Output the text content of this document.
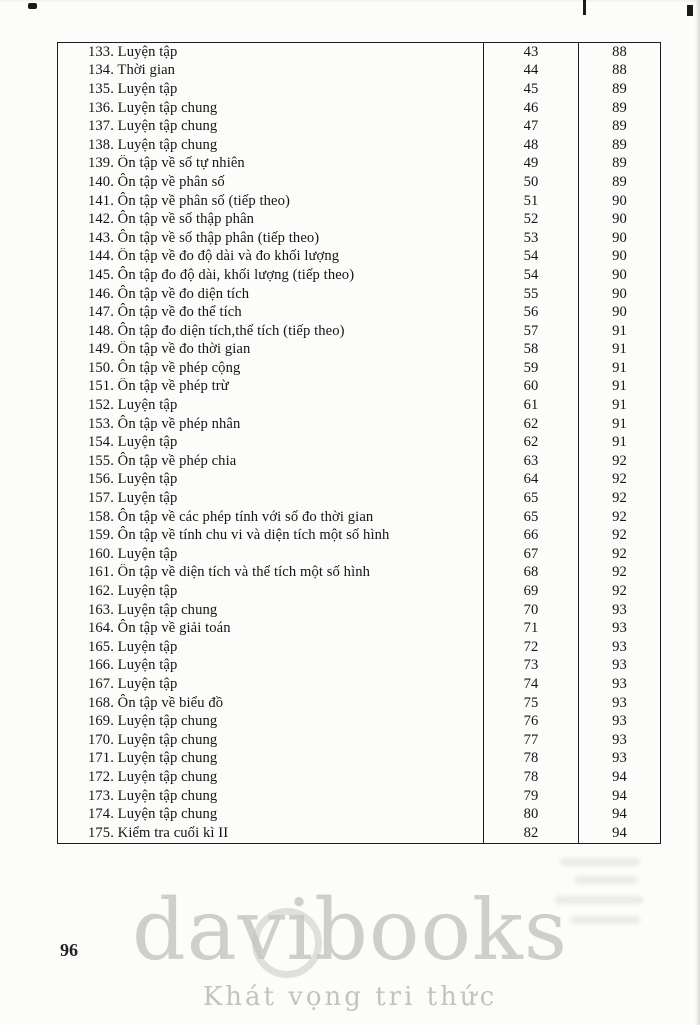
133. Luyện tập	43	88
134. Thời gian	44	88
135. Luyện tập	45	89
136. Luyện tập chung	46	89
137. Luyện tập chung	47	89
138. Luyện tập chung	48	89
139. Ôn tập về số tự nhiên	49	89
140. Ôn tập về phân số	50	89
141. Ôn tập về phân số (tiếp theo)	51	90
142. Ôn tập về số thập phân	52	90
143. Ôn tập về số thập phân (tiếp theo)	53	90
144. Ôn tập về đo độ dài và đo khối lượng	54	90
145. Ôn tập đo độ dài, khối lượng (tiếp theo)	54	90
146. Ôn tập về đo diện tích	55	90
147. Ôn tập về đo thể tích	56	90
148. Ôn tập đo diện tích,thể tích (tiếp theo)	57	91
149. Ôn tập về đo thời gian	58	91
150. Ôn tập về phép cộng	59	91
151. Ôn tập về phép trừ	60	91
152. Luyện tập	61	91
153. Ôn tập về phép nhân	62	91
154. Luyện tập	62	91
155. Ôn tập về phép chia	63	92
156. Luyện tập	64	92
157. Luyện tập	65	92
158. Ôn tập về các phép tính với số đo thời gian	65	92
159. Ôn tập về tính chu vi và diện tích một số hình	66	92
160. Luyện tập	67	92
161. Ôn tập về diện tích và thể tích một số hình	68	92
162. Luyện tập	69	92
163. Luyện tập chung	70	93
164. Ôn tập về giải toán	71	93
165. Luyện tập	72	93
166. Luyện tập	73	93
167. Luyện tập	74	93
168. Ôn tập về biểu đồ	75	93
169. Luyện tập chung	76	93
170. Luyện tập chung	77	93
171. Luyện tập chung	78	93
172. Luyện tập chung	78	94
173. Luyện tập chung	79	94
174. Luyện tập chung	80	94
175. Kiểm tra cuối kì II	82	94
davibooks
Khát vọng tri thức
96
